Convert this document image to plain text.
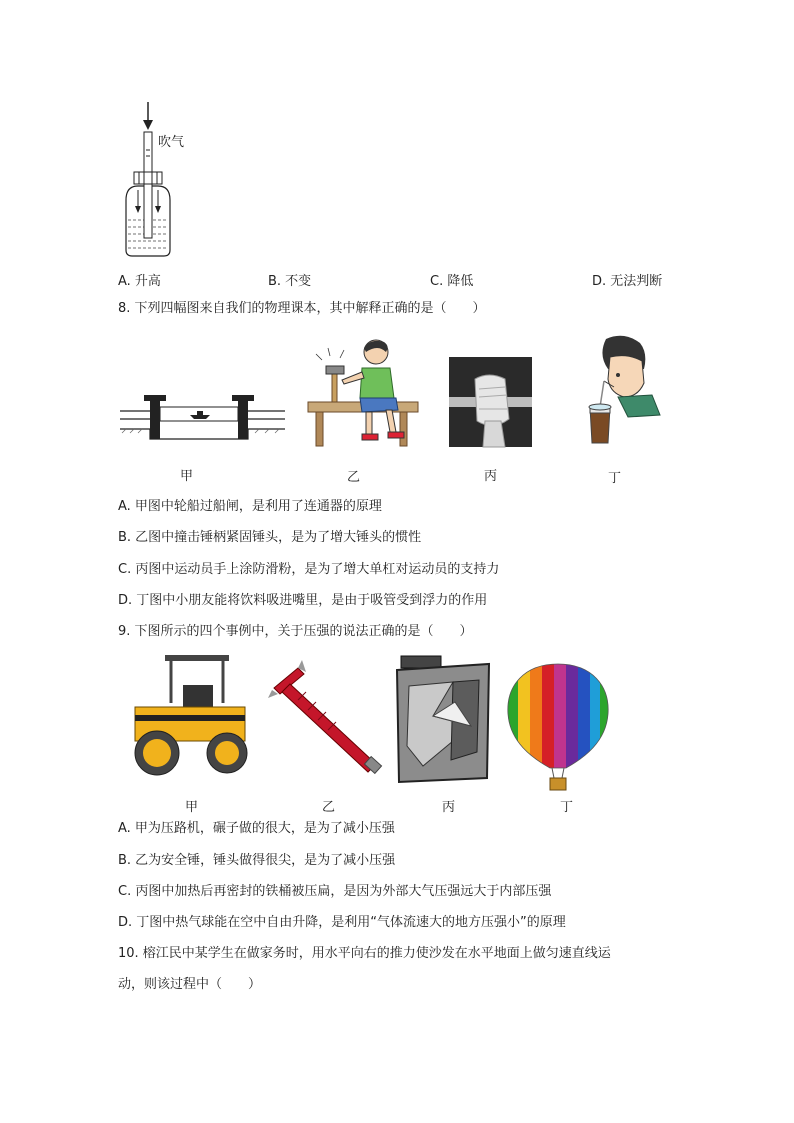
吹气
A. 升高	B. 不变	C. 降低	D. 无法判断
8. 下列四幅图来自我们的物理课本，其中解释正确的是（　　）
甲	乙	丙	丁
A. 甲图中轮船过船闸，是利用了连通器的原理
B. 乙图中撞击锤柄紧固锤头，是为了增大锤头的惯性
C. 丙图中运动员手上涂防滑粉，是为了增大单杠对运动员的支持力
D. 丁图中小朋友能将饮料吸进嘴里，是由于吸管受到浮力的作用
9. 下图所示的四个事例中，关于压强的说法正确的是（　　）
甲	乙	丙	丁
A. 甲为压路机，碾子做的很大，是为了减小压强
B. 乙为安全锤，锤头做得很尖，是为了减小压强
C. 丙图中加热后再密封的铁桶被压扁，是因为外部大气压强远大于内部压强
D. 丁图中热气球能在空中自由升降，是利用“气体流速大的地方压强小”的原理
10. 榕江民中某学生在做家务时，用水平向右的推力使沙发在水平地面上做匀速直线运
动，则该过程中（　　）
